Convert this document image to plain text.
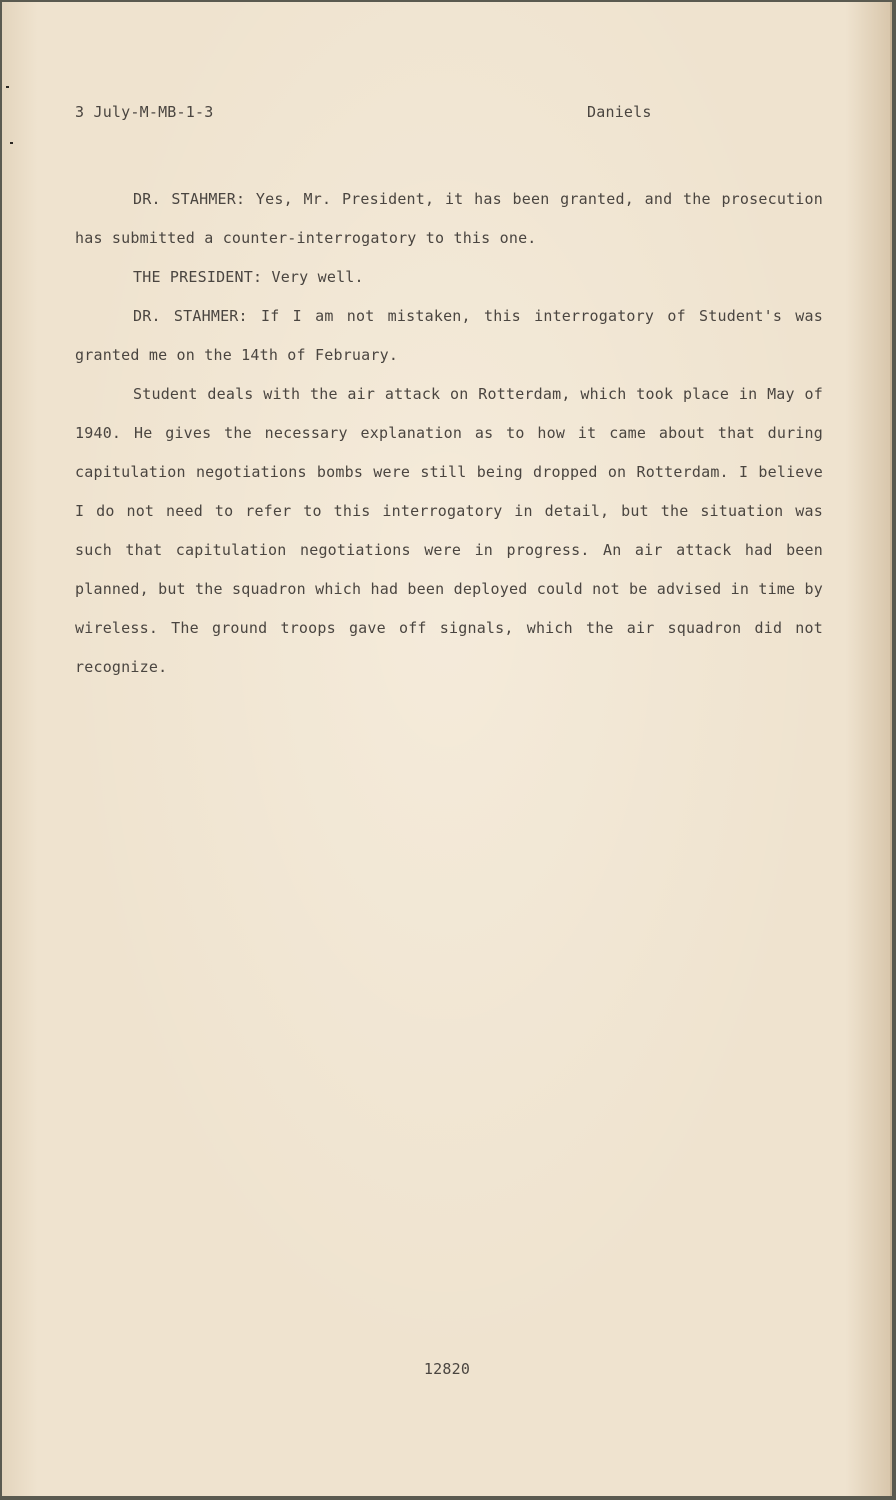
3 July-M-MB-1-3	Daniels

DR. STAHMER: Yes, Mr. President, it has been granted, and the prosecution has submitted a counter-interrogatory to this one.

THE PRESIDENT: Very well.

DR. STAHMER: If I am not mistaken, this interrogatory of Student's was granted me on the 14th of February.

Student deals with the air attack on Rotterdam, which took place in May of 1940. He gives the necessary explanation as to how it came about that during capitulation negotiations bombs were still being dropped on Rotterdam. I believe I do not need to refer to this interrogatory in detail, but the situation was such that capitulation negotiations were in progress. An air attack had been planned, but the squadron which had been deployed could not be advised in time by wireless. The ground troops gave off signals, which the air squadron did not recognize.

12820
